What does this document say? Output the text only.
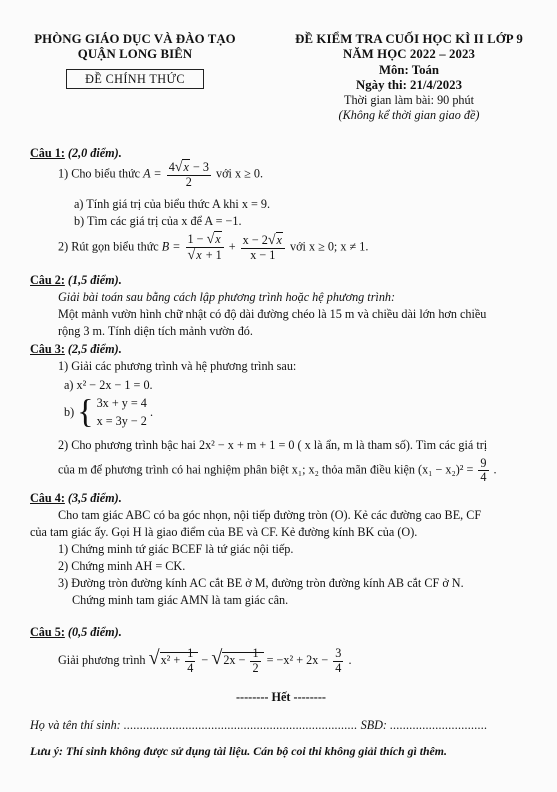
PHÒNG GIÁO DỤC VÀ ĐÀO TẠO
QUẬN LONG BIÊN
ĐỀ CHÍNH THỨC
ĐỀ KIỂM TRA CUỐI HỌC KÌ II LỚP 9
NĂM HỌC 2022 – 2023
Môn: Toán
Ngày thi: 21/4/2023
Thời gian làm bài: 90 phút
(Không kể thời gian giao đề)
Câu 1: (2,0 điểm).
1) Cho biểu thức $A = \frac{4√x - 3}{2}$ với x ≥ 0.
a) Tính giá trị của biểu thức A khi x = 9.
b) Tìm các giá trị của x để A = −1.
2) Rút gọn biểu thức $B = \frac{1 - √x}{√x + 1} + \frac{x - 2√x}{x - 1}$ với x ≥ 0; x ≠ 1.
Câu 2: (1,5 điểm).
Giải bài toán sau bằng cách lập phương trình hoặc hệ phương trình:
Một mảnh vườn hình chữ nhật có độ dài đường chéo là 15 m và chiều dài lớn hơn chiều
rộng 3 m. Tính diện tích mảnh vườn đó.
Câu 3: (2,5 điểm).
1) Giải các phương trình và hệ phương trình sau:
a) x² − 2x − 1 = 0.
b) { 3x + y = 4
x = 3y − 2
.
2) Cho phương trình bậc hai 2x² − x + m + 1 = 0 ( x là ẩn, m là tham số). Tìm các giá trị
của m để phương trình có hai nghiệm phân biệt x₁; x₂ thỏa mãn điều kiện $(x_1 - x_2)^2 = \frac{9}{4}$ .
Câu 4: (3,5 điểm).
Cho tam giác ABC có ba góc nhọn, nội tiếp đường tròn (O). Kẻ các đường cao BE, CF
của tam giác ấy. Gọi H là giao điểm của BE và CF. Kẻ đường kính BK của (O).
1) Chứng minh tứ giác BCEF là tứ giác nội tiếp.
2) Chứng minh AH = CK.
3) Đường tròn đường kính AC cắt BE ở M, đường tròn đường kính AB cắt CF ở N.
Chứng minh tam giác AMN là tam giác cân.
Câu 5: (0,5 điểm).
Giải phương trình $√x^2 + \frac{1}{4} - √2x - \frac{1}{2} = -x^2 + 2x - \frac{3}{4}$ .
-------- Hết --------
Họ và tên thí sinh: ........................................................................ SBD: ..............................
Lưu ý: Thí sinh không được sử dụng tài liệu. Cán bộ coi thi không giải thích gì thêm.
